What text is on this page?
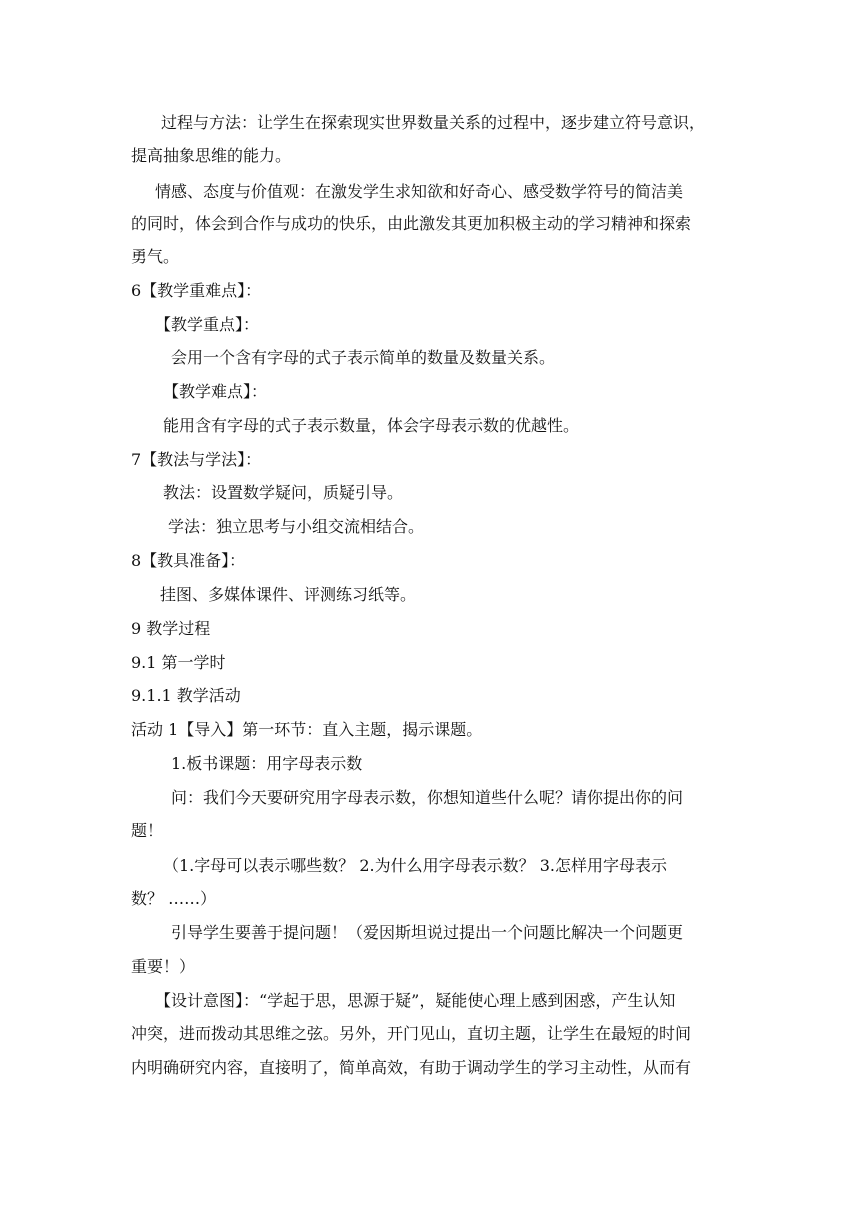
过程与方法：让学生在探索现实世界数量关系的过程中，逐步建立符号意识，
提高抽象思维的能力。
情感、态度与价值观：在激发学生求知欲和好奇心、感受数学符号的简洁美
的同时，体会到合作与成功的快乐，由此激发其更加积极主动的学习精神和探索
勇气。
6【教学重难点】：
【教学重点】：
会用一个含有字母的式子表示简单的数量及数量关系。
【教学难点】：
能用含有字母的式子表示数量，体会字母表示数的优越性。
7【教法与学法】：
教法：设置数学疑问，质疑引导。
学法：独立思考与小组交流相结合。
8【教具准备】：
挂图、多媒体课件、评测练习纸等。
9 教学过程
9.1 第一学时
9.1.1 教学活动
活动 1【导入】第一环节：直入主题，揭示课题。
1.板书课题：用字母表示数
问：我们今天要研究用字母表示数，你想知道些什么呢？请你提出你的问
题！
（1.字母可以表示哪些数？ 2.为什么用字母表示数？ 3.怎样用字母表示
数？ ……）
引导学生要善于提问题！（爱因斯坦说过提出一个问题比解决一个问题更
重要！）
【设计意图】：“学起于思，思源于疑”，疑能使心理上感到困惑，产生认知
冲突，进而拨动其思维之弦。另外，开门见山，直切主题，让学生在最短的时间
内明确研究内容，直接明了，简单高效，有助于调动学生的学习主动性，从而有
